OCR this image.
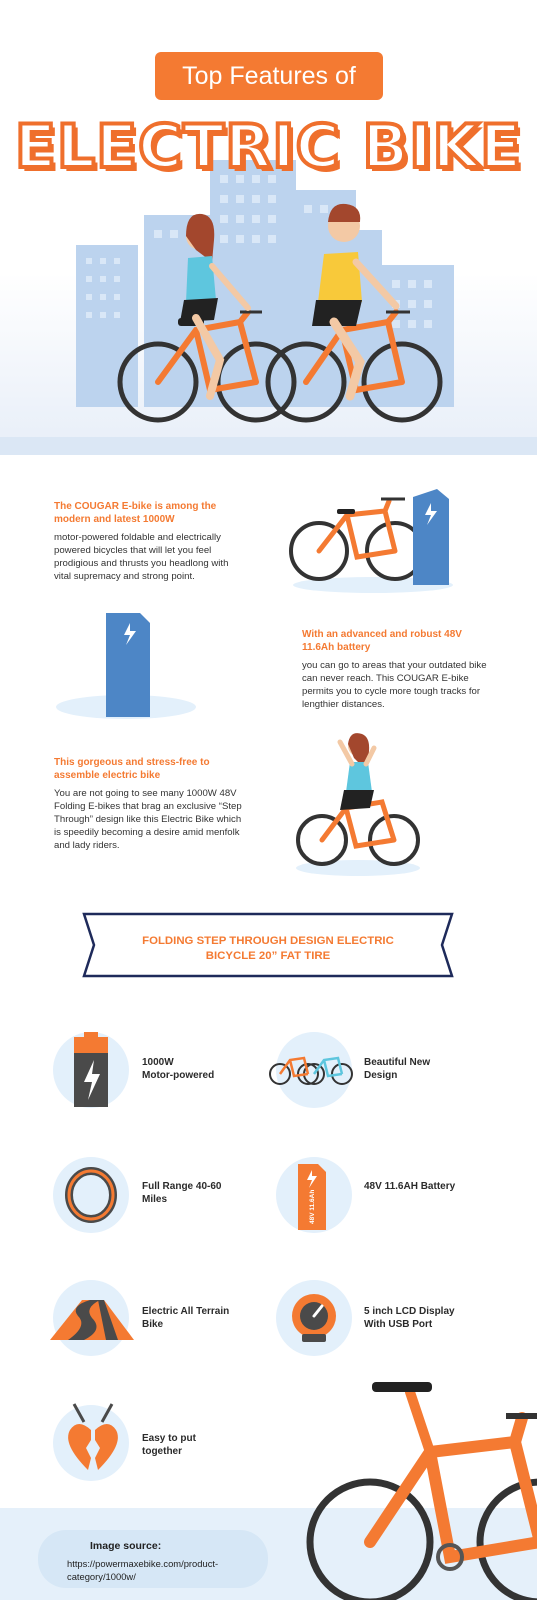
Top Features of
ELECTRIC BIKE
The COUGAR E-bike is among the modern and latest 1000W
motor-powered foldable and electrically powered bicycles that will let you feel prodigious and thrusts you headlong with vital supremacy and strong point.
48V 11.6Ah
With an advanced and robust 48V 11.6Ah battery
you can go to areas that your outdated bike can never reach. This COUGAR E-bike permits you to cycle more tough tracks for lengthier distances.
This gorgeous and stress-free to assemble electric bike
You are not going to see many 1000W 48V Folding E-bikes that brag an exclusive “Step Through” design like this Electric Bike which is speedily becoming a desire amid menfolk and lady riders.
FOLDING STEP THROUGH DESIGN ELECTRIC
BICYCLE 20” FAT TIRE
1000W
Motor-powered
Beautiful New
Design
Full Range 40-60
Miles	48V 11.6Ah
48V 11.6AH Battery
Electric All Terrain
Bike
5 inch LCD Display
With USB Port
Easy to put
together
Image source:
https://powermaxebike.com/product-
category/1000w/
